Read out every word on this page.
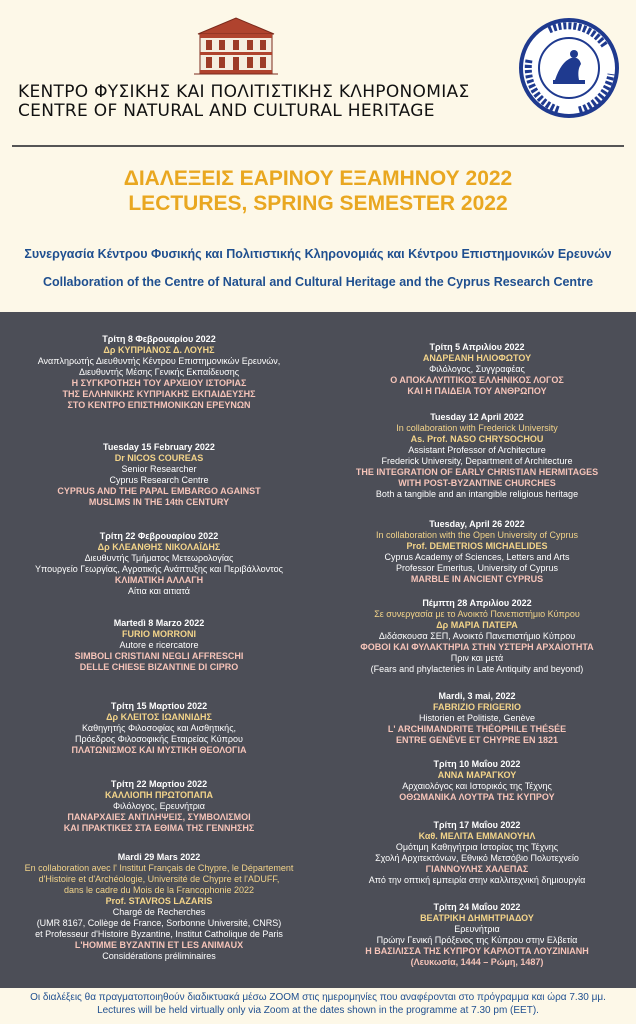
ΚΕΝΤΡΟ ΦΥΣΙΚΗΣ ΚΑΙ ΠΟΛΙΤΙΣΤΙΚΗΣ ΚΛΗΡΟΝΟΜΙΑΣ
CENTRE OF NATURAL AND CULTURAL HERITAGE
ΔΙΑΛΕΞΕΙΣ ΕΑΡΙΝΟΥ ΕΞΑΜΗΝΟΥ 2022
LECTURES, SPRING SEMESTER 2022
Συνεργασία Κέντρου Φυσικής και Πολιτιστικής Κληρονομιάς και Κέντρου Επιστημονικών Ερευνών
Collaboration of the Centre of Natural and Cultural Heritage and the Cyprus Research Centre
Τρίτη 8 Φεβρουαρίου 2022
Δρ ΚΥΠΡΙΑΝΟΣ Δ. ΛΟΥΗΣ
Αναπληρωτής Διευθυντής Κέντρου Επιστημονικών Ερευνών,
Διευθυντής Μέσης Γενικής Εκπαίδευσης
Η ΣΥΓΚΡΟΤΗΣΗ ΤΟΥ ΑΡΧΕΙΟΥ ΙΣΤΟΡΙΑΣ
ΤΗΣ ΕΛΛΗΝΙΚΗΣ ΚΥΠΡΙΑΚΗΣ ΕΚΠΑΙΔΕΥΣΗΣ
ΣΤΟ ΚΕΝΤΡΟ ΕΠΙΣΤΗΜΟΝΙΚΩΝ ΕΡΕΥΝΩΝ
Tuesday 15 February 2022
Dr NICOS COUREAS
Senior Researcher
Cyprus Research Centre
CYPRUS AND THE PAPAL EMBARGO AGAINST
MUSLIMS IN THE 14th CENTURY
Τρίτη 22 Φεβρουαρίου 2022
Δρ ΚΛΕΑΝΘΗΣ ΝΙΚΟΛΑΪΔΗΣ
Διευθυντής Τμήματος Μετεωρολογίας
Υπουργείο Γεωργίας, Αγροτικής Ανάπτυξης και Περιβάλλοντος
ΚΛΙΜΑΤΙΚΗ ΑΛΛΑΓΗ
Αίτια και αιτιατά
Martedì 8 Marzo 2022
FURIO MORRONI
Autore e ricercatore
SIMBOLI CRISTIANI NEGLI AFFRESCHI
DELLE CHIESE BIZANTINE DI CIPRO
Τρίτη 15 Μαρτίου 2022
Δρ ΚΛΕΙΤΟΣ ΙΩΑΝΝΙΔΗΣ
Καθηγητής Φιλοσοφίας και Αισθητικής,
Πρόεδρος Φιλοσοφικής Εταιρείας Κύπρου
ΠΛΑΤΩΝΙΣΜΟΣ ΚΑΙ ΜΥΣΤΙΚΗ ΘΕΟΛΟΓΙΑ
Τρίτη 22 Μαρτίου 2022
ΚΑΛΛΙΟΠΗ ΠΡΩΤΟΠΑΠΑ
Φιλόλογος, Ερευνήτρια
ΠΑΝΑΡΧΑΙΕΣ ΑΝΤΙΛΗΨΕΙΣ, ΣΥΜΒΟΛΙΣΜΟΙ
ΚΑΙ ΠΡΑΚΤΙΚΕΣ ΣΤΑ ΕΘΙΜΑ ΤΗΣ ΓΕΝΝΗΣΗΣ
Mardi 29 Mars 2022
En collaboration avec l' Institut Français de Chypre, le Département
d'Histoire et d'Archéologie, Université de Chypre et l'ADUFF,
dans le cadre du Mois de la Francophonie 2022
Prof. STAVROS LAZARIS
Chargé de Recherches
(UMR 8167, Collège de France, Sorbonne Université, CNRS)
et Professeur d'Histoire Byzantine, Institut Catholique de Paris
L'HOMME BYZANTIN ET LES ANIMAUX
Considérations préliminaires
Τρίτη 5 Απριλίου 2022
ΑΝΔΡΕΑΝΗ ΗΛΙΟΦΩΤΟΥ
Φιλόλογος, Συγγραφέας
Ο ΑΠΟΚΑΛΥΠΤΙΚΟΣ ΕΛΛΗΝΙΚΟΣ ΛΟΓΟΣ
ΚΑΙ Η ΠΑΙΔΕΙΑ ΤΟΥ ΑΝΘΡΩΠΟΥ
Tuesday 12 April 2022
In collaboration with Frederick University
As. Prof. NASO CHRYSOCHOU
Assistant Professor of Architecture
Frederick University, Department of Architecture
THE INTEGRATION OF EARLY CHRISTIAN HERMITAGES
WITH POST-BYZANTINE CHURCHES
Both a tangible and an intangible religious heritage
Tuesday, April 26 2022
In collaboration with the Open University of Cyprus
Prof. DEMETRIOS MICHAELIDES
Cyprus Academy of Sciences, Letters and Arts
Professor Emeritus, University of Cyprus
MARBLE IN ANCIENT CYPRUS
Πέμπτη 28 Απριλίου 2022
Σε συνεργασία με το Ανοικτό Πανεπιστήμιο Κύπρου
Δρ ΜΑΡΙΑ ΠΑΤΕΡΑ
Διδάσκουσα ΣΕΠ, Ανοικτό Πανεπιστήμιο Κύπρου
ΦΟΒΟΙ ΚΑΙ ΦΥΛΑΚΤΗΡΙΑ ΣΤΗΝ ΥΣΤΕΡΗ ΑΡΧΑΙΟΤΗΤΑ
Πριν και μετά
(Fears and phylacteries in Late Antiquity and beyond)
Mardi, 3 mai, 2022
FABRIZIO FRIGERIO
Historien et Politiste, Genève
L' ARCHIMANDRITE THÉOPHILE THÉSÉE
ENTRE GENÈVE ET CHYPRE EN 1821
Τρίτη 10 Μαΐου 2022
ΑΝΝΑ ΜΑΡΑΓΚΟΥ
Αρχαιολόγος και Ιστορικός της Τέχνης
ΟΘΩΜΑΝΙΚΑ ΛΟΥΤΡΑ ΤΗΣ ΚΥΠΡΟΥ
Τρίτη 17 Μαΐου 2022
Καθ. ΜΕΛΙΤΑ ΕΜΜΑΝΟΥΗΛ
Ομότιμη Καθηγήτρια Ιστορίας της Τέχνης
Σχολή Αρχιτεκτόνων, Εθνικό Μετσόβιο Πολυτεχνείο
ΓΙΑΝΝΟΥΛΗΣ ΧΑΛΕΠΑΣ
Από την οπτική εμπειρία στην καλλιτεχνική δημιουργία
Τρίτη 24 Μαΐου 2022
ΒΕΑΤΡΙΚΗ ΔΗΜΗΤΡΙΑΔΟΥ
Ερευνήτρια
Πρώην Γενική Πρόξενος της Κύπρου στην Ελβετία
Η ΒΑΣΙΛΙΣΣΑ ΤΗΣ ΚΥΠΡΟΥ ΚΑΡΛΟΤΤΑ ΛΟΥΖΙΝΙΑΝΗ
(Λευκωσία, 1444 – Ρώμη, 1487)
Οι διαλέξεις θα πραγματοποιηθούν διαδικτυακά μέσω ZOOM στις ημερομηνίες που αναφέρονται στο πρόγραμμα και ώρα 7.30 μμ.
Lectures will be held virtually only via Zoom at the dates shown in the programme at 7.30 pm (EET).
